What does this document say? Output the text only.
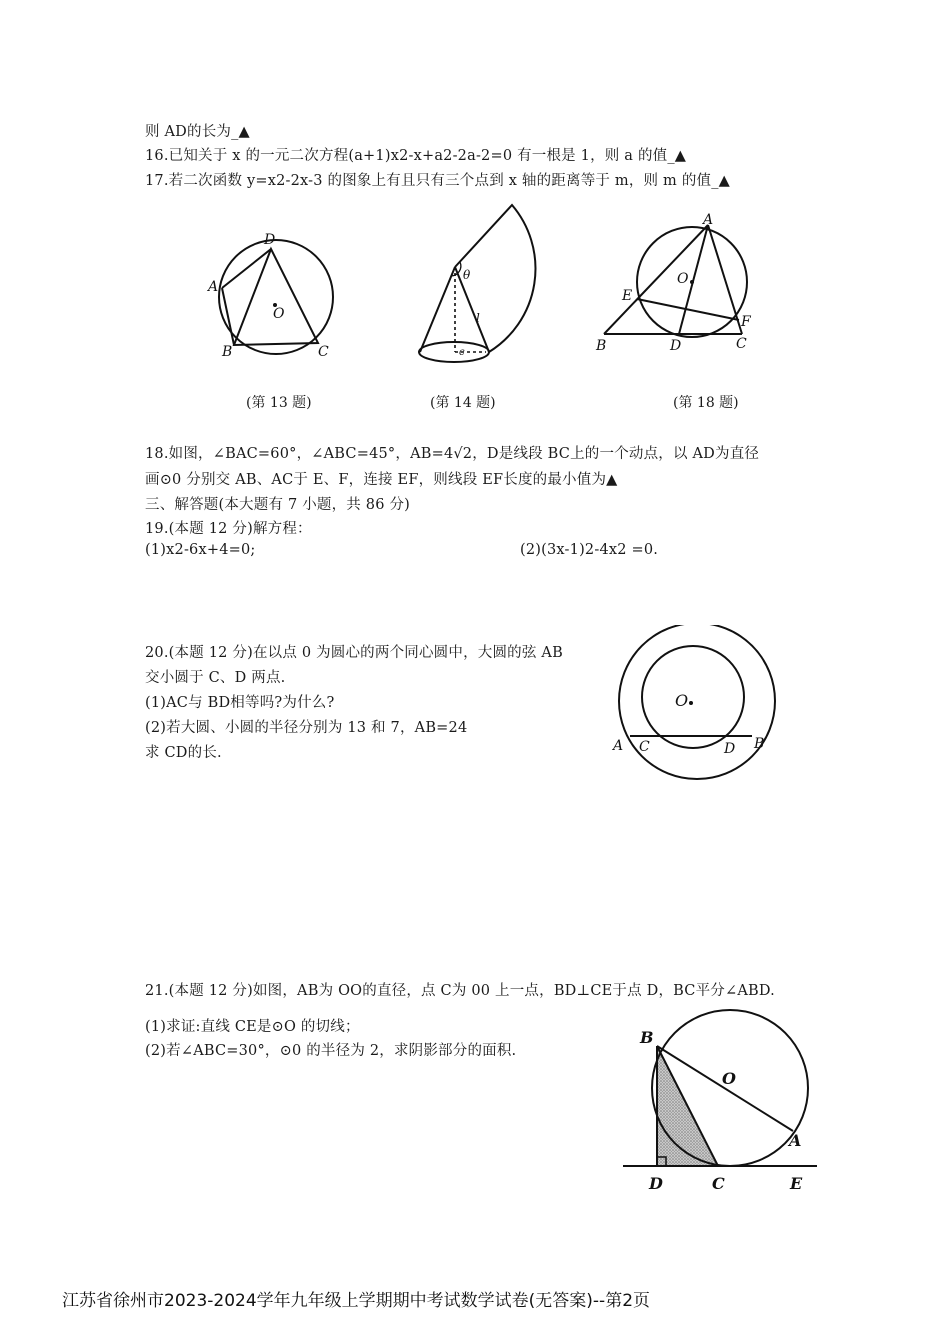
则 AD的长为_▲
16.已知关于 x 的一元二次方程(a+1)x2-x+a2-2a-2=0 有一根是 1，则 a 的值_▲
17.若二次函数 y=x2-2x-3 的图象上有且只有三个点到 x 轴的距离等于 m，则 m 的值_▲
D
A
B	C
O
θ
l
c
A
O
E
F
B	D	C
(第 13 题)	(第 14 题)	(第 18 题)
18.如图，∠BAC=60°，∠ABC=45°，AB=4√2，D是线段 BC上的一个动点，以 AD为直径
画⊙0 分别交 AB、AC于 E、F，连接 EF，则线段 EF长度的最小值为▲
三、解答题(本大题有 7 小题，共 86 分)
19.(本题 12 分)解方程：
(1)x2-6x+4=0;	(2)(3x-1)2-4x2 =0.
20.(本题 12 分)在以点 0 为圆心的两个同心圆中，大圆的弦 AB
交小圆于 C、D 两点.
(1)AC与 BD相等吗?为什么?
(2)若大圆、小圆的半径分别为 13 和 7，AB=24
求 CD的长.
O
A C	D B
21.(本题 12 分)如图，AB为 OO的直径，点 C为 00 上一点，BD⊥CE于点 D，BC平分∠ABD.
(1)求证:直线 CE是⊙O 的切线；
(2)若∠ABC=30°，⊙0 的半径为 2，求阴影部分的面积.
B
O
A
D	C	E
江苏省徐州市2023-2024学年九年级上学期期中考试数学试卷(无答案)--第2页
